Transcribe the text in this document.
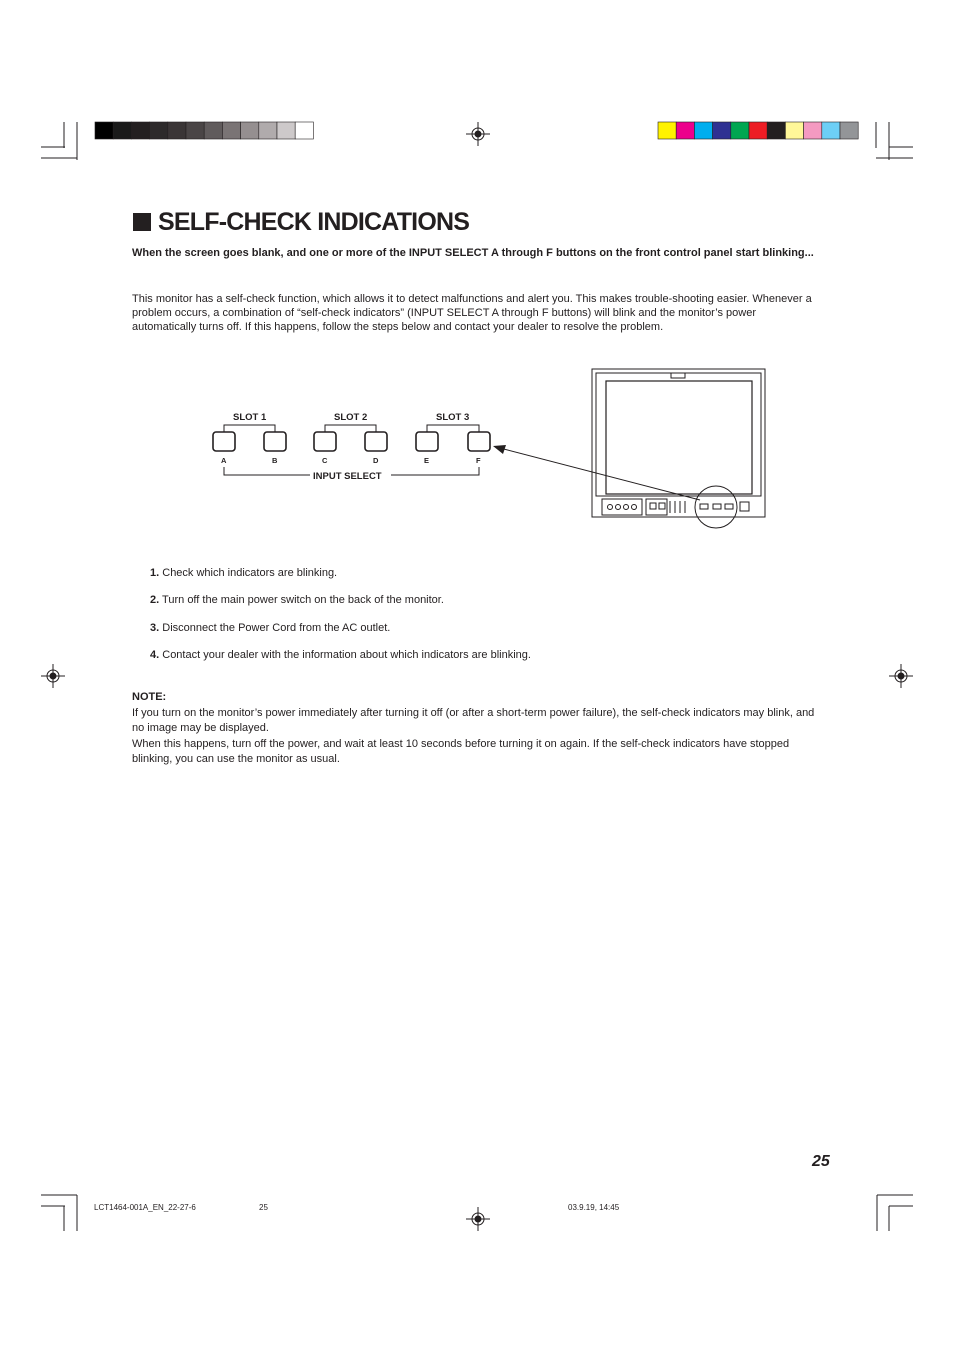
SLOT 1	SLOT 2	SLOT 3
A	B	C	D	E	F
INPUT SELECT
SELF-CHECK INDICATIONS
When the screen goes blank, and one or more of the INPUT SELECT A through F buttons on the front control panel start blinking...
This monitor has a self-check function, which allows it to detect malfunctions and alert you. This makes trouble-shooting easier. Whenever a problem occurs, a combination of “self-check indicators” (INPUT SELECT A through F buttons) will blink and the monitor’s power automatically turns off. If this happens, follow the steps below and contact your dealer to resolve the problem.
1. Check which indicators are blinking.
2. Turn off the main power switch on the back of the monitor.
3. Disconnect the Power Cord from the AC outlet.
4. Contact your dealer with the information about which indicators are blinking.
NOTE:
If you turn on the monitor’s power immediately after turning it off (or after a short-term power failure), the self-check indicators may blink, and no image may be displayed.
When this happens, turn off the power, and wait at least 10 seconds before turning it on again. If the self-check indicators have stopped blinking, you can use the monitor as usual.
25
LCT1464-001A_EN_22-27-6	25	03.9.19, 14:45
